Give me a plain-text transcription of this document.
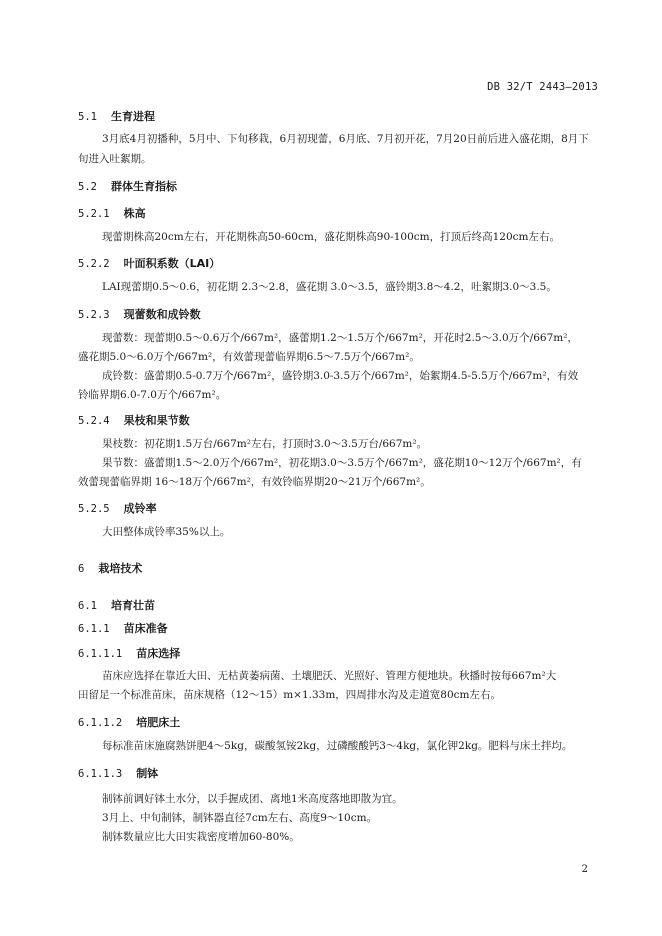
DB 32/T 2443—2013
5.1 生育进程
3月底4月初播种，5月中、下旬移栽，6月初现蕾，6月底、7月初开花，7月20日前后进入盛花期，8月下旬进入吐絮期。
5.2 群体生育指标
5.2.1 株高
现蕾期株高20cm左右，开花期株高50-60cm，盛花期株高90-100cm，打顶后终高120cm左右。
5.2.2 叶面积系数（LAI）
LAI现蕾期0.5～0.6，初花期 2.3～2.8，盛花期 3.0～3.5，盛铃期3.8～4.2，吐絮期3.0～3.5。
5.2.3 现蕾数和成铃数
现蕾数：现蕾期0.5～0.6万个/667m²，盛蕾期1.2～1.5万个/667m²，开花时2.5～3.0万个/667m²，
盛花期5.0～6.0万个/667m²，有效蕾现蕾临界期6.5～7.5万个/667m²。
成铃数：盛蕾期0.5-0.7万个/667m²，盛铃期3.0-3.5万个/667m²，始絮期4.5-5.5万个/667m²，有效
铃临界期6.0-7.0万个/667m²。
5.2.4 果枝和果节数
果枝数：初花期1.5万台/667m²左右，打顶时3.0～3.5万台/667m²。
果节数：盛蕾期1.5～2.0万个/667m²，初花期3.0～3.5万个/667m²，盛花期10～12万个/667m²，有
效蕾现蕾临界期 16～18万个/667m²，有效铃临界期20～21万个/667m²。
5.2.5 成铃率
大田整体成铃率35%以上。
6 栽培技术
6.1 培育壮苗
6.1.1 苗床准备
6.1.1.1 苗床选择
苗床应选择在靠近大田、无枯黄萎病菌、土壤肥沃、光照好、管理方便地块。秋播时按每667m²大
田留足一个标准苗床，苗床规格（12～15）m×1.33m，四周排水沟及走道宽80cm左右。
6.1.1.2 培肥床土
每标准苗床施腐熟饼肥4～5kg，碳酸氢铵2kg，过磷酸酸钙3～4kg，氯化钾2kg。肥料与床土拌均。
6.1.1.3 制钵
制钵前调好钵土水分，以手握成团、离地1米高度落地即散为宜。
3月上、中旬制钵，制钵器直径7cm左右、高度9～10cm。
制钵数量应比大田实栽密度增加60-80%。
2
